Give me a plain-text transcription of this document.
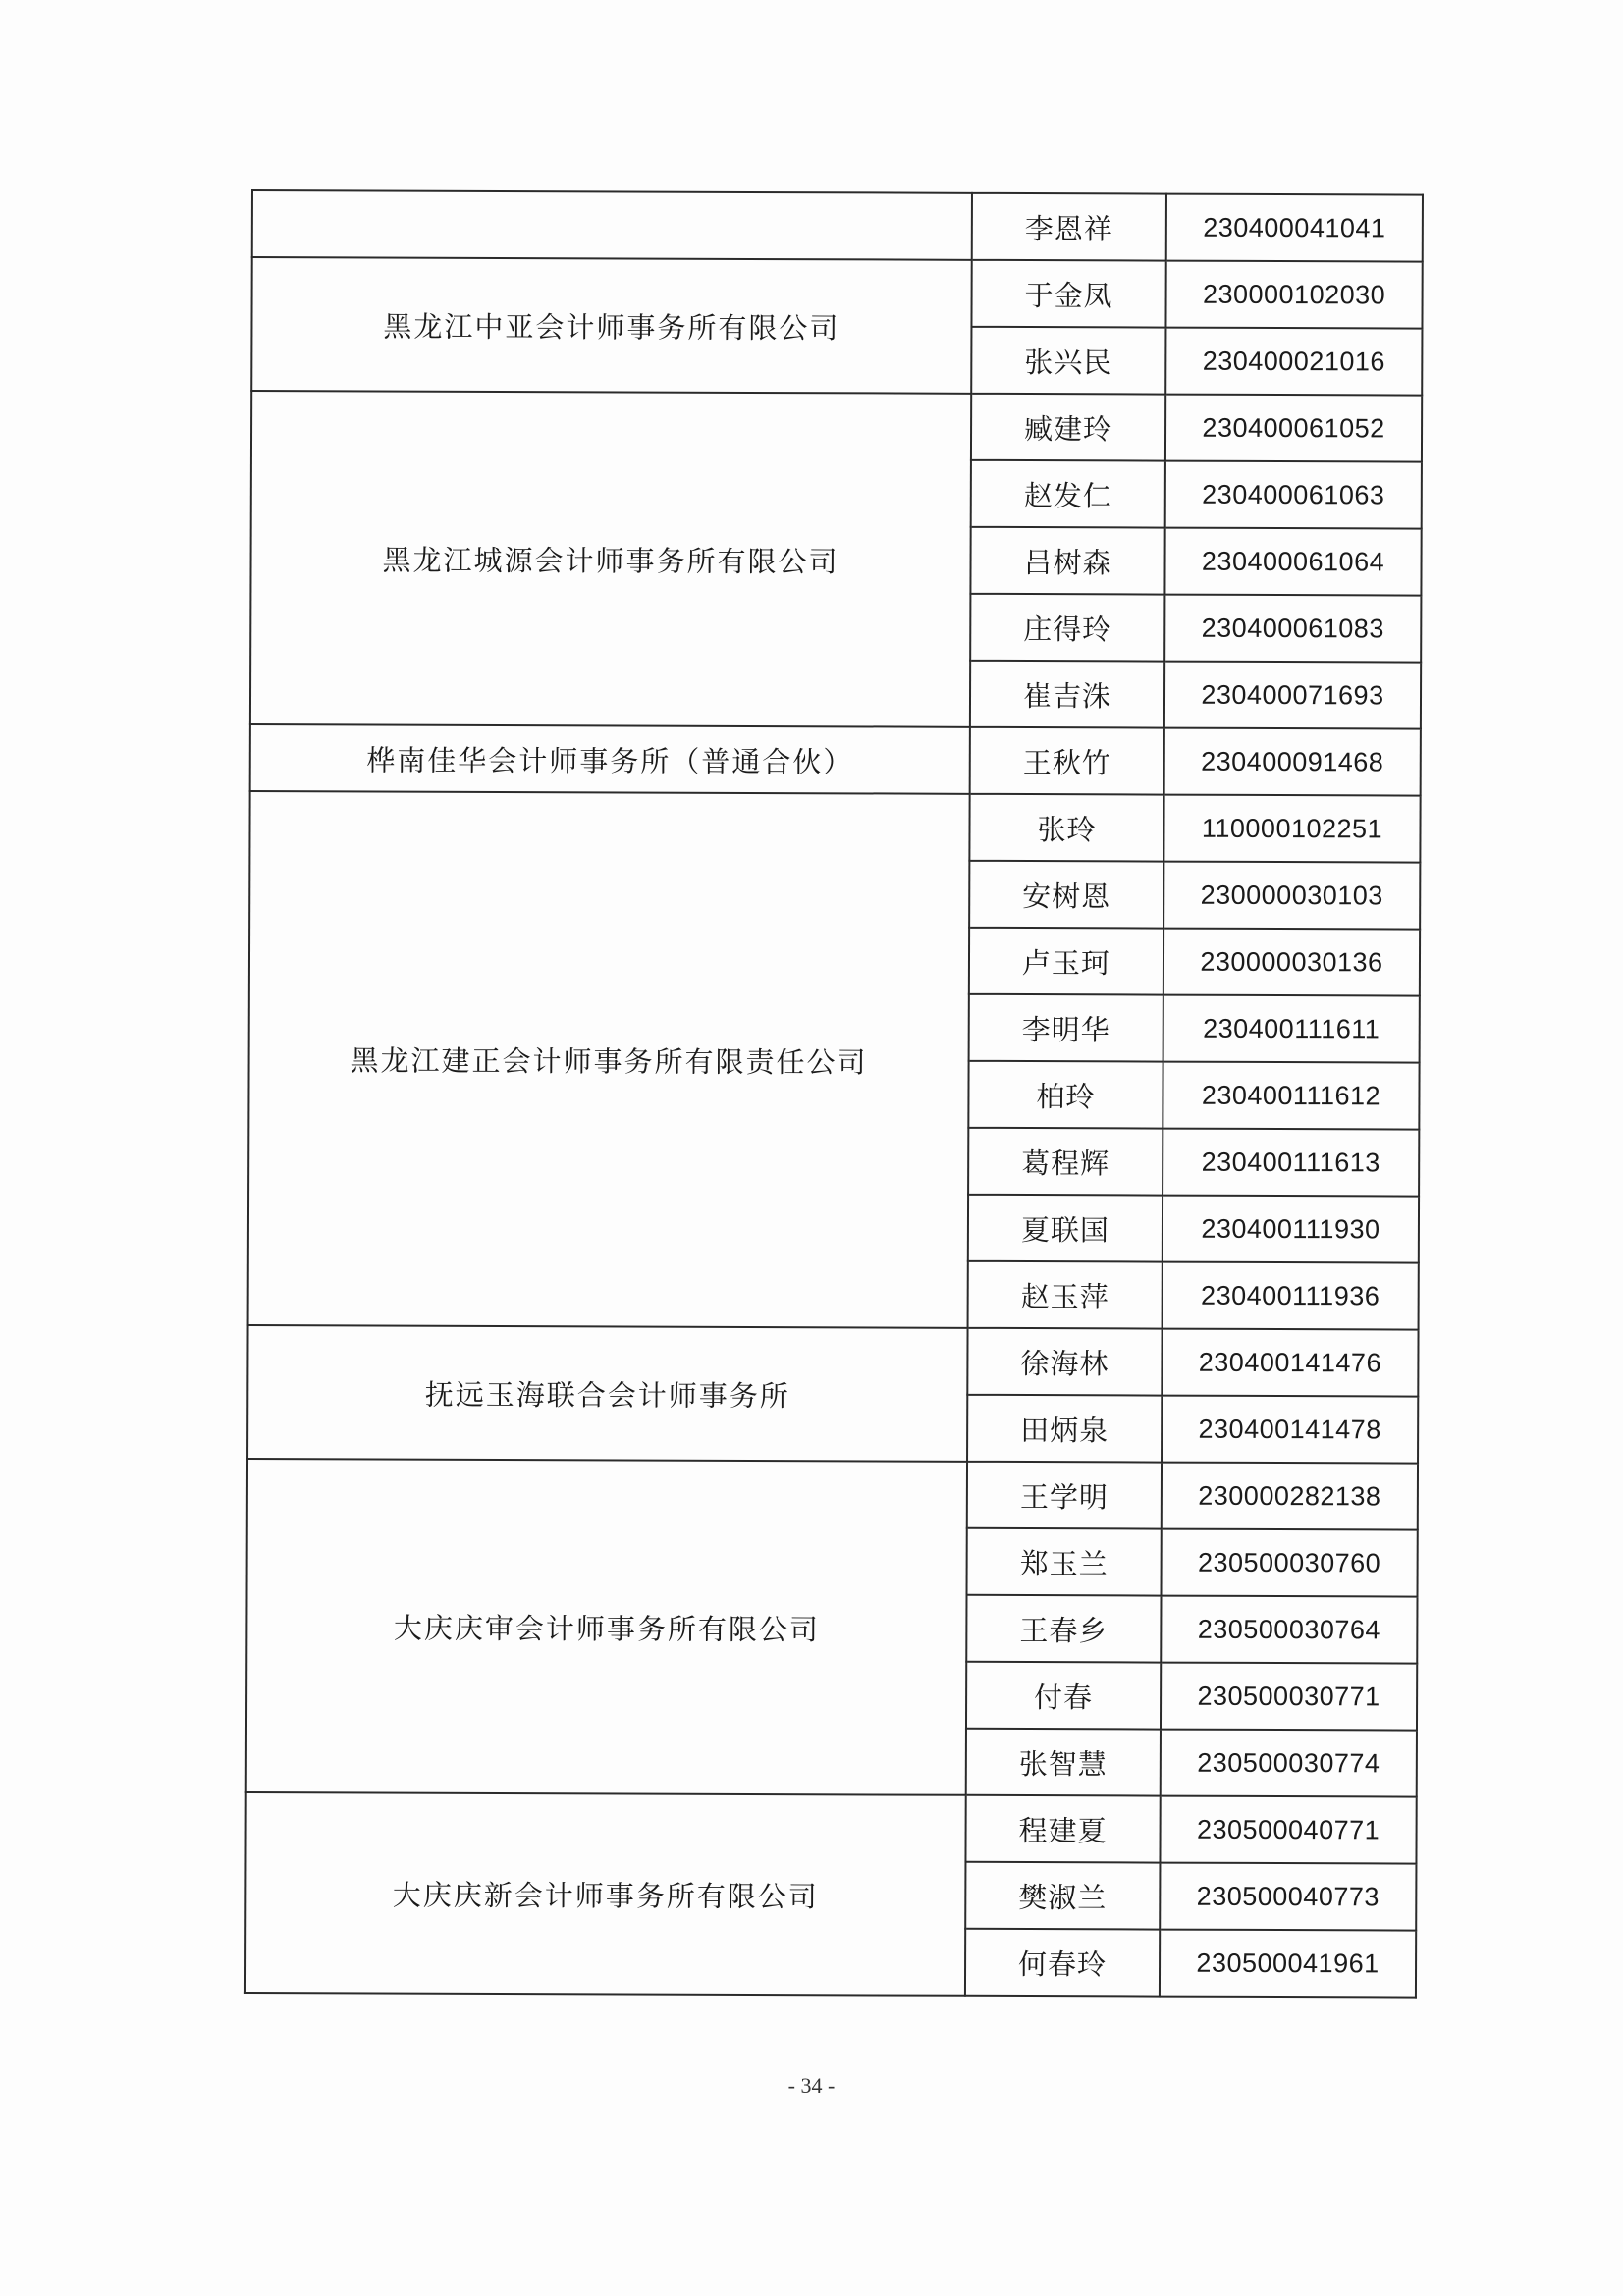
	李恩祥	230400041041
黑龙江中亚会计师事务所有限公司	于金凤	230000102030
	张兴民	230400021016
黑龙江城源会计师事务所有限公司	臧建玲	230400061052
	赵发仁	230400061063
	吕树森	230400061064
	庄得玲	230400061083
	崔吉洙	230400071693
桦南佳华会计师事务所（普通合伙）	王秋竹	230400091468
黑龙江建正会计师事务所有限责任公司	张玲	110000102251
	安树恩	230000030103
	卢玉珂	230000030136
	李明华	230400111611
	柏玲	230400111612
	葛程辉	230400111613
	夏联国	230400111930
	赵玉萍	230400111936
抚远玉海联合会计师事务所	徐海林	230400141476
	田炳泉	230400141478
大庆庆审会计师事务所有限公司	王学明	230000282138
	郑玉兰	230500030760
	王春乡	230500030764
	付春	230500030771
	张智慧	230500030774
大庆庆新会计师事务所有限公司	程建夏	230500040771
	樊淑兰	230500040773
	何春玲	230500041961
- 34 -
